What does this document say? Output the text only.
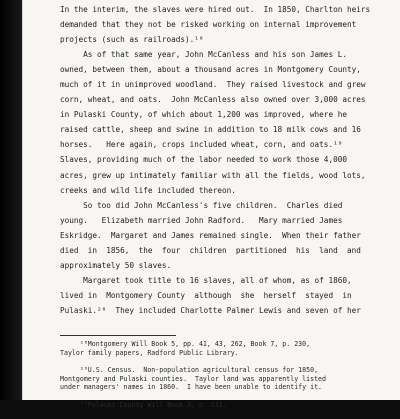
In the interim, the slaves were hired out.  In 1850, Charlton heirs
demanded that they not be risked working on internal improvement
projects (such as railroads).¹⁸
As of that same year, John McCanless and his son James L.
owned, between them, about a thousand acres in Montgomery County,
much of it in unimproved woodland.  They raised livestock and grew
corn, wheat, and oats.  John McCanless also owned over 3,000 acres
in Pulaski County, of which about 1,200 was improved, where he
raised cattle, sheep and swine in addition to 18 milk cows and 16
horses.   Here again, crops included wheat, corn, and oats.¹⁹
Slaves, providing much of the labor needed to work those 4,000
acres, grew up intimately familiar with all the fields, wood lots,
creeks and wild life included thereon.
So too did John McCanless's five children.  Charles died
young.   Elizabeth married John Radford.   Mary married James
Eskridge.  Margaret and James remained single.  When their father
died  in  1856,  the  four  children  partitioned  his  land  and
approximately 50 slaves.
Margaret took title to 16 slaves, all of whom, as of 1860,
lived in  Montgomery County  although  she  herself  stayed  in
Pulaski.²⁰  They included Charlotte Palmer Lewis and seven of her
¹⁸Montgomery Will Book 5, pp. 41, 43, 262, Book 7, p. 230,
Taylor family papers, Radford Public Library.
¹⁹U.S. Census.  Non-population agricultural census for 1850,
Montgomery and Pulaski counties.  Taylor land was apparently listed
under managers' names in 1860.  I have been unable to identify it.
²⁰Pulaski County Will Book 3, p. 111.
